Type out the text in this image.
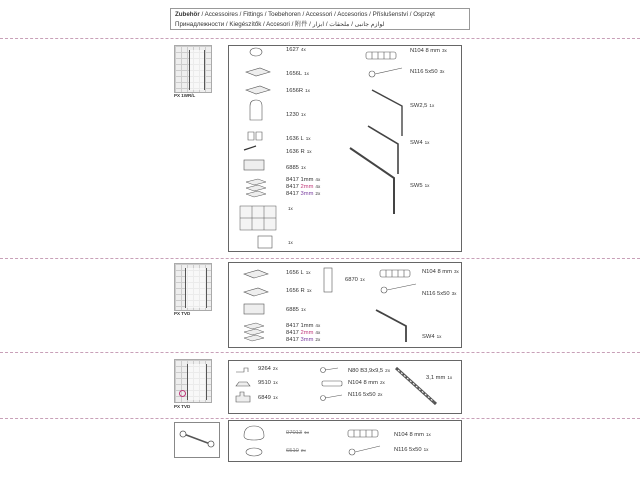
Zubehör / Accessoires / Fittings / Toebehoren / Accessori / Accesorios / Příslušenství / Osprzęt
Принадлежности / Kiegészítők / Accesori / 附件 / لوازم جانبی / ملحقات / ابزار
PX 1WR/L
1627 4x
1656L 1x
1656R 1x
1230 1x
1636 L 1x
1636 R 1x
6885 1x
8417 1mm 4x
8417 2mm 4x
8417 3mm 2x
1x
1x
N104 8 mm 3x
N116 5x50 3x
SW2,5 1x
SW4 1x
SW5 1x
PX TVD
1656 L 1x
1656 R 1x
6885 1x
8417 1mm 4x
8417 2mm 4x
8417 3mm 2x
6870 1x
N104 8 mm 3x
N116 5x50 3x
SW4 1x
PX TVD
9264 2x
9510 1x
6849 1x
N80 B3,9x9,5 2x
N104 8 mm 2x
N116 5x50 2x
3,1 mm 1x
97013 1x
6510 2x
N104 8 mm 1x
N116 5x50 1x
